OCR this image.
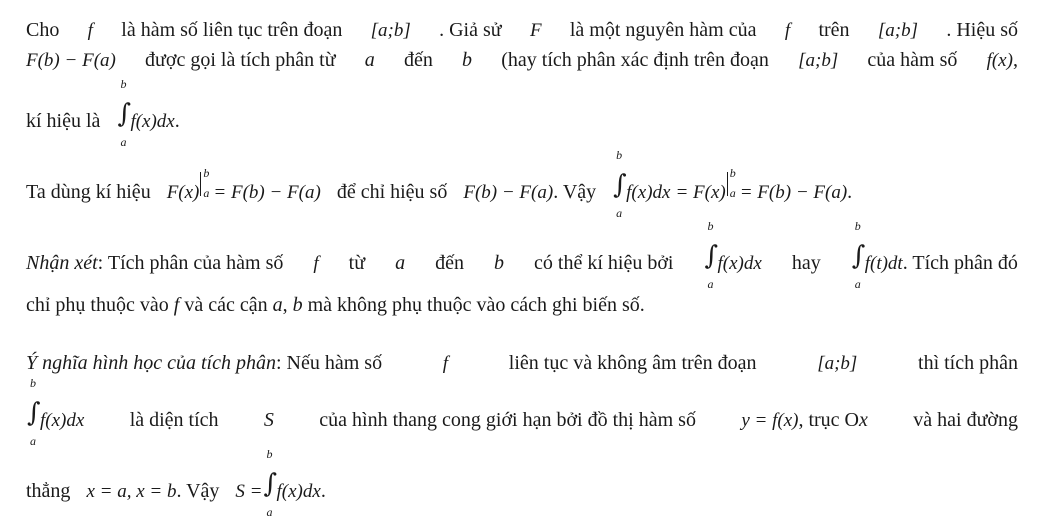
Cho f là hàm số liên tục trên đoạn [a;b] . Giả sử F là một nguyên hàm của f trên [a;b] . Hiệu số
F(b) − F(a) được gọi là tích phân từ a đến b (hay tích phân xác định trên đoạn [a;b] của hàm số f(x),
kí hiệu là ∫
b
a
f(x)dx.
Ta dùng kí hiệu F(x)
b
a = F(b) − F(a) để chỉ hiệu số F(b) − F(a). Vậy ∫
b
a
f(x)dx = F(x)
b
a = F(b) − F(a).
Nhận xét: Tích phân của hàm số f từ a đến b có thể kí hiệu bởi ∫
b
a
f(x)dx hay ∫
b
a
f(t)dt. Tích phân đó
chỉ phụ thuộc vào f và các cận a, b mà không phụ thuộc vào cách ghi biến số.
Ý nghĩa hình học của tích phân: Nếu hàm số	f	liên tục và không âm trên đoạn	[a;b]	thì tích phân
∫
b
a
f(x)dx là diện tích S của hình thang cong giới hạn bởi đồ thị hàm số y = f(x), trục Ox và hai đường
thẳng x = a, x = b. Vậy S = ∫
b
a
f(x)dx.
